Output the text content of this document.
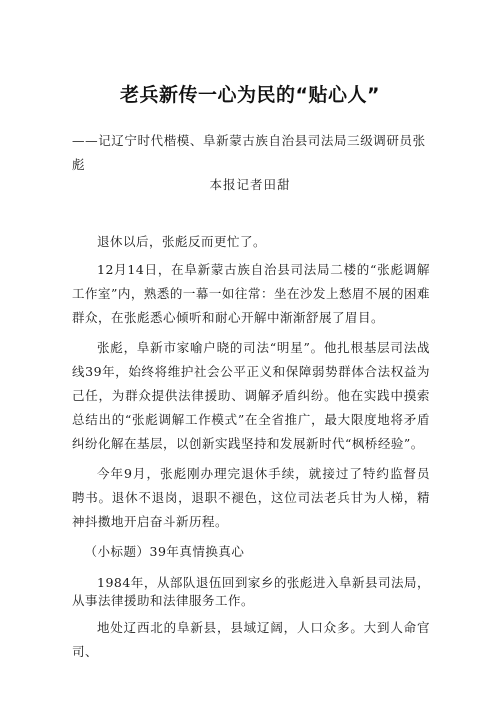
老兵新传一心为民的“贴心人”

——记辽宁时代楷模、阜新蒙古族自治县司法局三级调研员张彪

本报记者田甜

退休以后，张彪反而更忙了。

12月14日，在阜新蒙古族自治县司法局二楼的“张彪调解工作室”内，熟悉的一幕一如往常：坐在沙发上愁眉不展的困难群众，在张彪悉心倾听和耐心开解中渐渐舒展了眉目。

张彪，阜新市家喻户晓的司法“明星”。他扎根基层司法战线39年，始终将维护社会公平正义和保障弱势群体合法权益为己任，为群众提供法律援助、调解矛盾纠纷。他在实践中摸索总结出的“张彪调解工作模式”在全省推广，最大限度地将矛盾纠纷化解在基层，以创新实践坚持和发展新时代“枫桥经验”。

今年9月，张彪刚办理完退休手续，就接过了特约监督员聘书。退休不退岗，退职不褪色，这位司法老兵甘为人梯，精神抖擞地开启奋斗新历程。

（小标题）39年真情换真心

1984年，从部队退伍回到家乡的张彪进入阜新县司法局，从事法律援助和法律服务工作。

地处辽西北的阜新县，县域辽阔，人口众多。大到人命官司、
